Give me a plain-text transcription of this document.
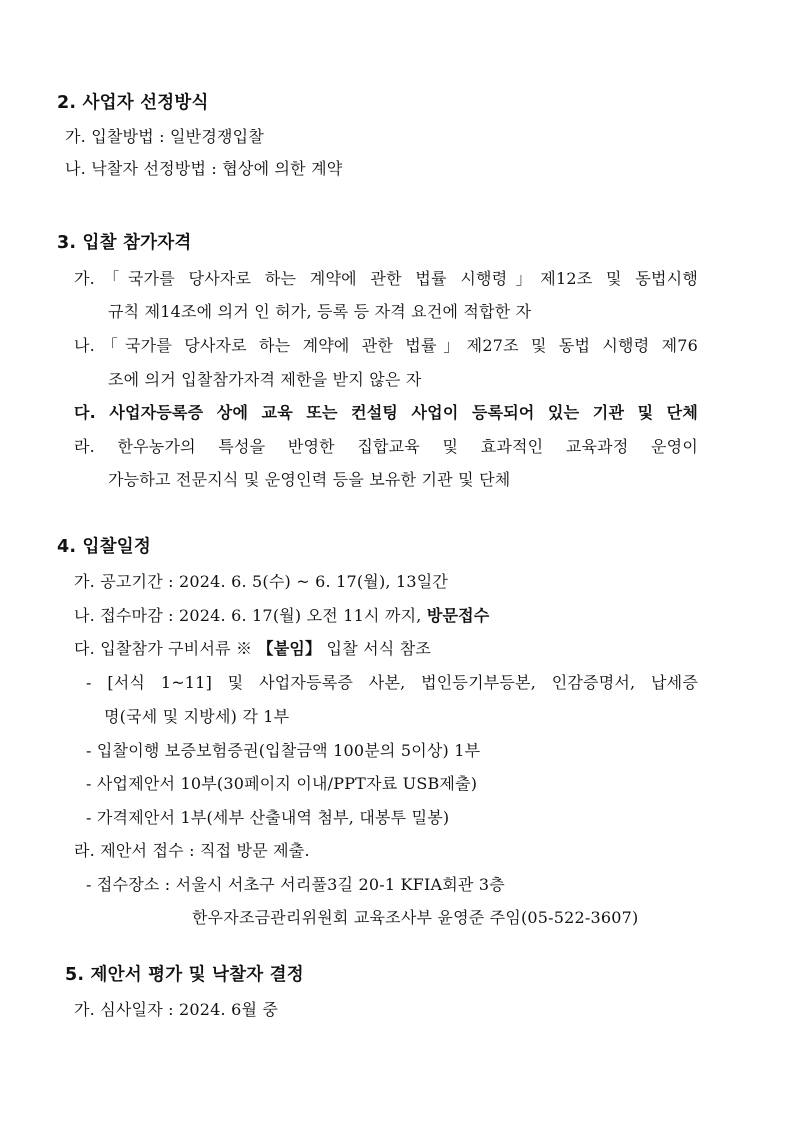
2. 사업자 선정방식
가. 입찰방법 : 일반경쟁입찰
나. 낙찰자 선정방법 : 협상에 의한 계약
3. 입찰 참가자격
가.「국가를 당사자로 하는 계약에 관한 법률 시행령」제12조 및 동법시행
규칙 제14조에 의거 인 허가, 등록 등 자격 요건에 적합한 자
나.「국가를 당사자로 하는 계약에 관한 법률」제27조 및 동법 시행령 제76
조에 의거 입찰참가자격 제한을 받지 않은 자
다. 사업자등록증 상에 교육 또는 컨설팅 사업이 등록되어 있는 기관 및 단체
라. 한우농가의 특성을 반영한 집합교육 및 효과적인 교육과정 운영이
가능하고 전문지식 및 운영인력 등을 보유한 기관 및 단체
4. 입찰일정
가. 공고기간 : 2024. 6. 5(수) ~ 6. 17(월), 13일간
나. 접수마감 : 2024. 6. 17(월) 오전 11시 까지, 방문접수
다. 입찰참가 구비서류 ※ 【붙임】 입찰 서식 참조
- [서식 1~11] 및 사업자등록증 사본, 법인등기부등본, 인감증명서, 납세증
명(국세 및 지방세) 각 1부
- 입찰이행 보증보험증권(입찰금액 100분의 5이상) 1부
- 사업제안서 10부(30페이지 이내/PPT자료 USB제출)
- 가격제안서 1부(세부 산출내역 첨부, 대봉투 밀봉)
라. 제안서 접수 : 직접 방문 제출.
- 접수장소 : 서울시 서초구 서리풀3길 20-1 KFIA회관 3층
한우자조금관리위원회 교육조사부 윤영준 주임(05-522-3607)
5. 제안서 평가 및 낙찰자 결정
가. 심사일자 : 2024. 6월 중
